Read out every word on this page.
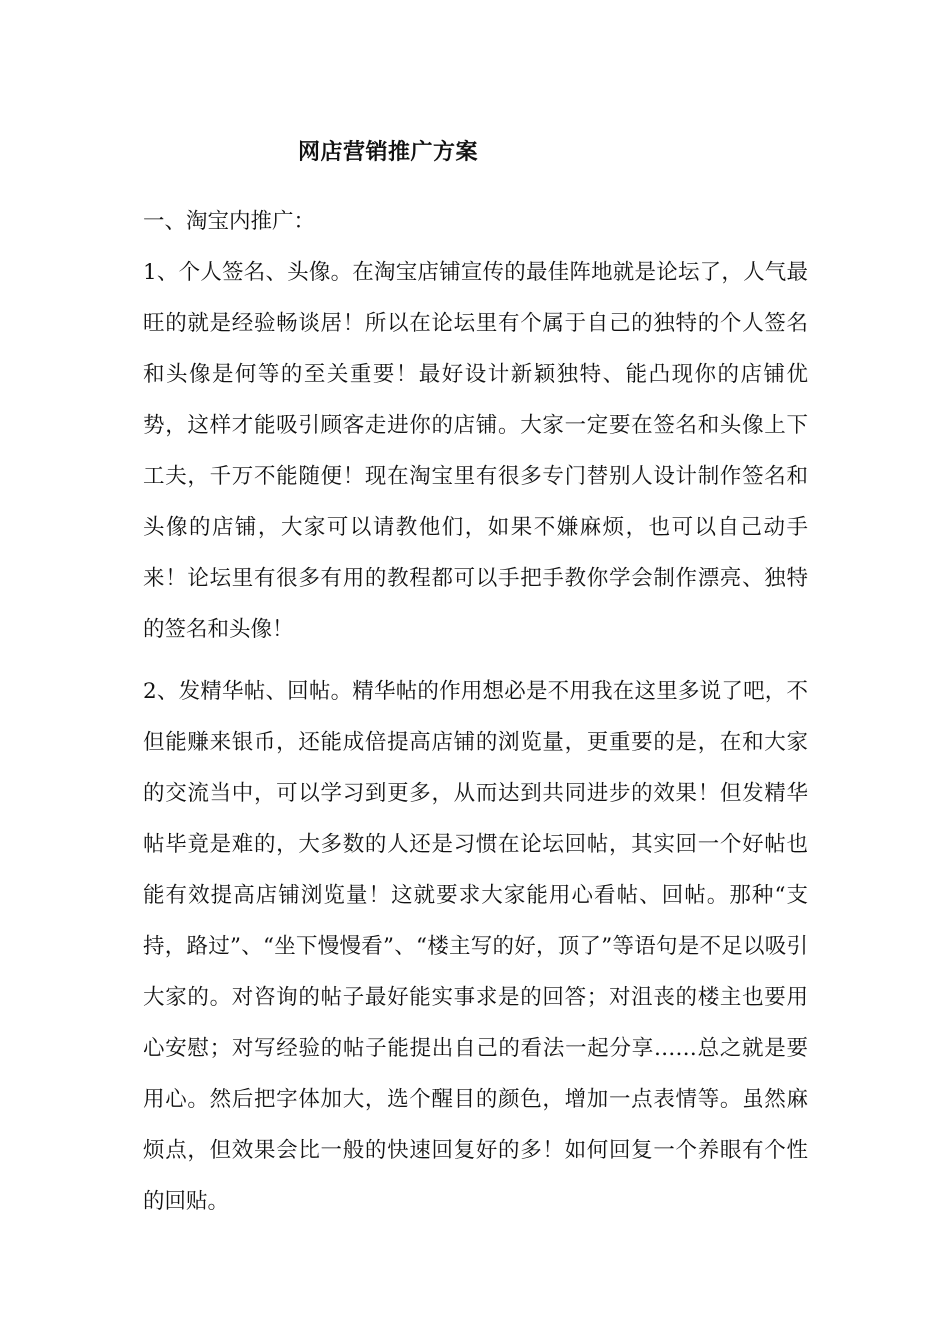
网店营销推广方案
一、淘宝内推广：

1、个人签名、头像。在淘宝店铺宣传的最佳阵地就是论坛了，人气最旺的就是经验畅谈居！所以在论坛里有个属于自己的独特的个人签名和头像是何等的至关重要！最好设计新颖独特、能凸现你的店铺优势，这样才能吸引顾客走进你的店铺。大家一定要在签名和头像上下工夫，千万不能随便！现在淘宝里有很多专门替别人设计制作签名和头像的店铺，大家可以请教他们，如果不嫌麻烦，也可以自己动手来！论坛里有很多有用的教程都可以手把手教你学会制作漂亮、独特的签名和头像！

2、发精华帖、回帖。精华帖的作用想必是不用我在这里多说了吧，不但能赚来银币，还能成倍提高店铺的浏览量，更重要的是，在和大家的交流当中，可以学习到更多，从而达到共同进步的效果！但发精华帖毕竟是难的，大多数的人还是习惯在论坛回帖，其实回一个好帖也能有效提高店铺浏览量！这就要求大家能用心看帖、回帖。那种“支持，路过”、“坐下慢慢看”、“楼主写的好，顶了”等语句是不足以吸引大家的。对咨询的帖子最好能实事求是的回答；对沮丧的楼主也要用心安慰；对写经验的帖子能提出自己的看法一起分享……总之就是要用心。然后把字体加大，选个醒目的颜色，增加一点表情等。虽然麻烦点，但效果会比一般的快速回复好的多！如何回复一个养眼有个性的回贴。
